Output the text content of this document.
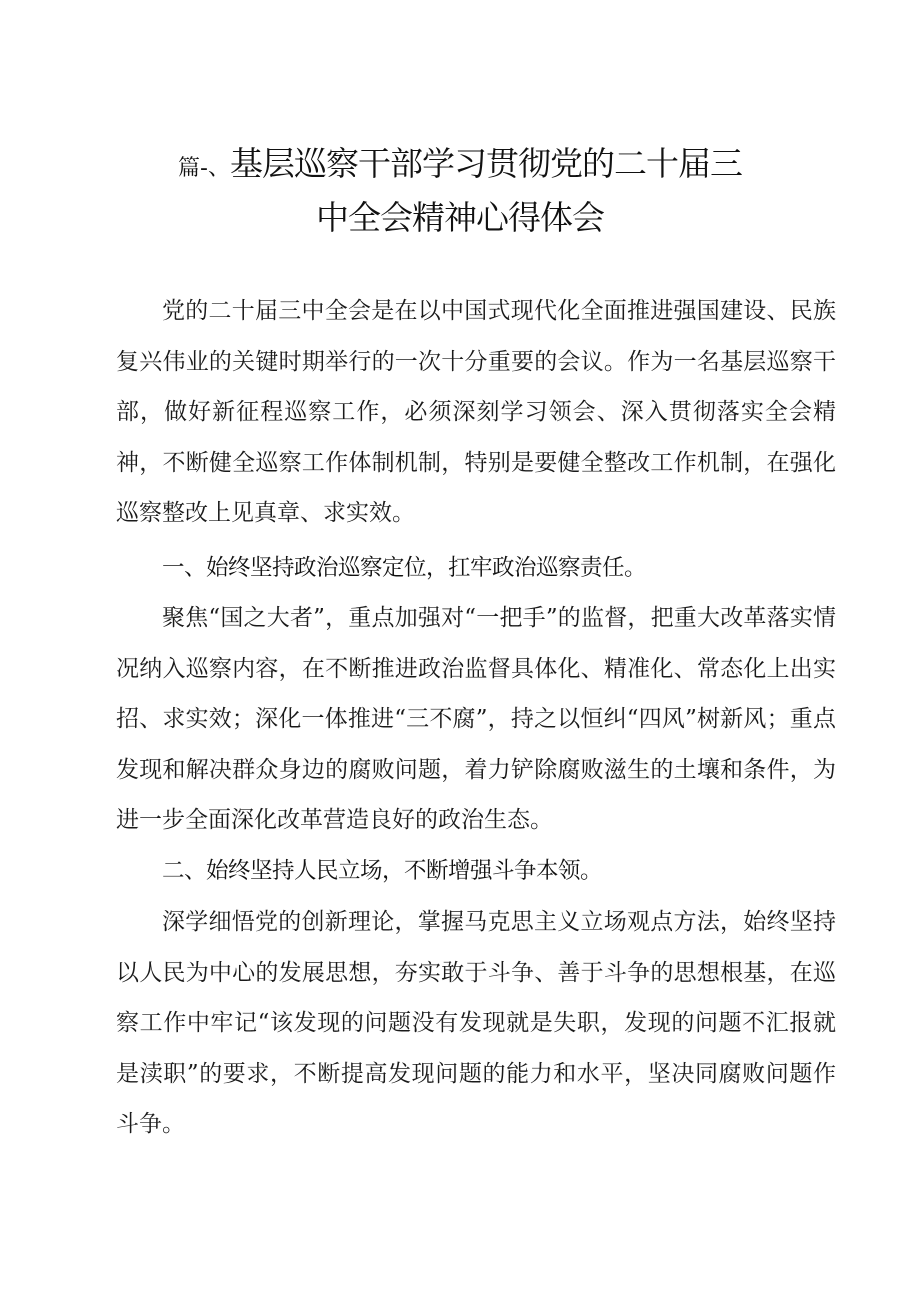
篇-、基层巡察干部学习贯彻党的二十届三
中全会精神心得体会

党的二十届三中全会是在以中国式现代化全面推进强国建设、民族复兴伟业的关键时期举行的一次十分重要的会议。作为一名基层巡察干部，做好新征程巡察工作，必须深刻学习领会、深入贯彻落实全会精神，不断健全巡察工作体制机制，特别是要健全整改工作机制，在强化巡察整改上见真章、求实效。

一、始终坚持政治巡察定位，扛牢政治巡察责任。

聚焦“国之大者”，重点加强对“一把手”的监督，把重大改革落实情况纳入巡察内容，在不断推进政治监督具体化、精准化、常态化上出实招、求实效；深化一体推进“三不腐”，持之以恒纠“四风”树新风；重点发现和解决群众身边的腐败问题，着力铲除腐败滋生的土壤和条件，为进一步全面深化改革营造良好的政治生态。

二、始终坚持人民立场，不断增强斗争本领。

深学细悟党的创新理论，掌握马克思主义立场观点方法，始终坚持以人民为中心的发展思想，夯实敢于斗争、善于斗争的思想根基，在巡察工作中牢记“该发现的问题没有发现就是失职，发现的问题不汇报就是渎职”的要求，不断提高发现问题的能力和水平，坚决同腐败问题作斗争。
